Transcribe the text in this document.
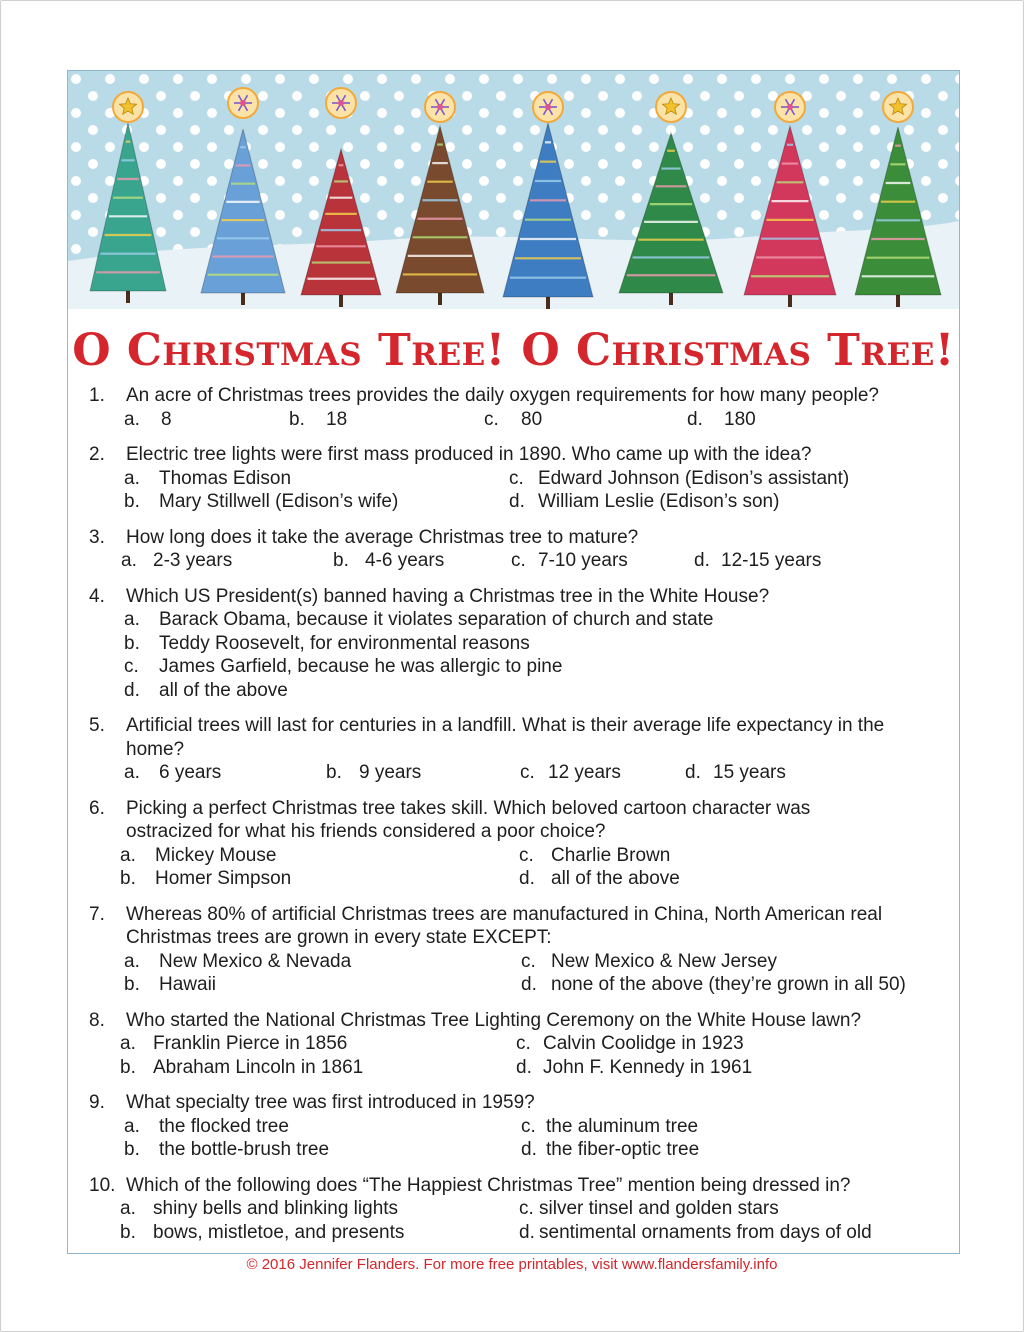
O Christmas Tree! O Christmas Tree!
1. An acre of Christmas trees provides the daily oxygen requirements for how many people?
a. 8	b. 18	c. 80	d. 180
2. Electric tree lights were first mass produced in 1890. Who came up with the idea?
a. Thomas Edison	c. Edward Johnson (Edison’s assistant)
b. Mary Stillwell (Edison’s wife)	d. William Leslie (Edison’s son)
3. How long does it take the average Christmas tree to mature?
a. 2-3 years	b. 4-6 years	c. 7-10 years	d. 12-15 years
4. Which US President(s) banned having a Christmas tree in the White House?
a. Barack Obama, because it violates separation of church and state
b. Teddy Roosevelt, for environmental reasons
c. James Garfield, because he was allergic to pine
d. all of the above
5. Artificial trees will last for centuries in a landfill. What is their average life expectancy in the
home?
a. 6 years	b. 9 years	c. 12 years	d. 15 years
6. Picking a perfect Christmas tree takes skill. Which beloved cartoon character was
ostracized for what his friends considered a poor choice?
a. Mickey Mouse	c. Charlie Brown
b. Homer Simpson	d. all of the above
7. Whereas 80% of artificial Christmas trees are manufactured in China, North American real
Christmas trees are grown in every state EXCEPT:
a. New Mexico & Nevada	c. New Mexico & New Jersey
b. Hawaii	d. none of the above (they’re grown in all 50)
8. Who started the National Christmas Tree Lighting Ceremony on the White House lawn?
a. Franklin Pierce in 1856	c. Calvin Coolidge in 1923
b. Abraham Lincoln in 1861	d. John F. Kennedy in 1961
9. What specialty tree was first introduced in 1959?
a. the flocked tree	c. the aluminum tree
b. the bottle-brush tree	d. the fiber-optic tree
10. Which of the following does “The Happiest Christmas Tree” mention being dressed in?
a. shiny bells and blinking lights	c. silver tinsel and golden stars
b. bows, mistletoe, and presents	d. sentimental ornaments from days of old
© 2016 Jennifer Flanders. For more free printables, visit www.flandersfamily.info
